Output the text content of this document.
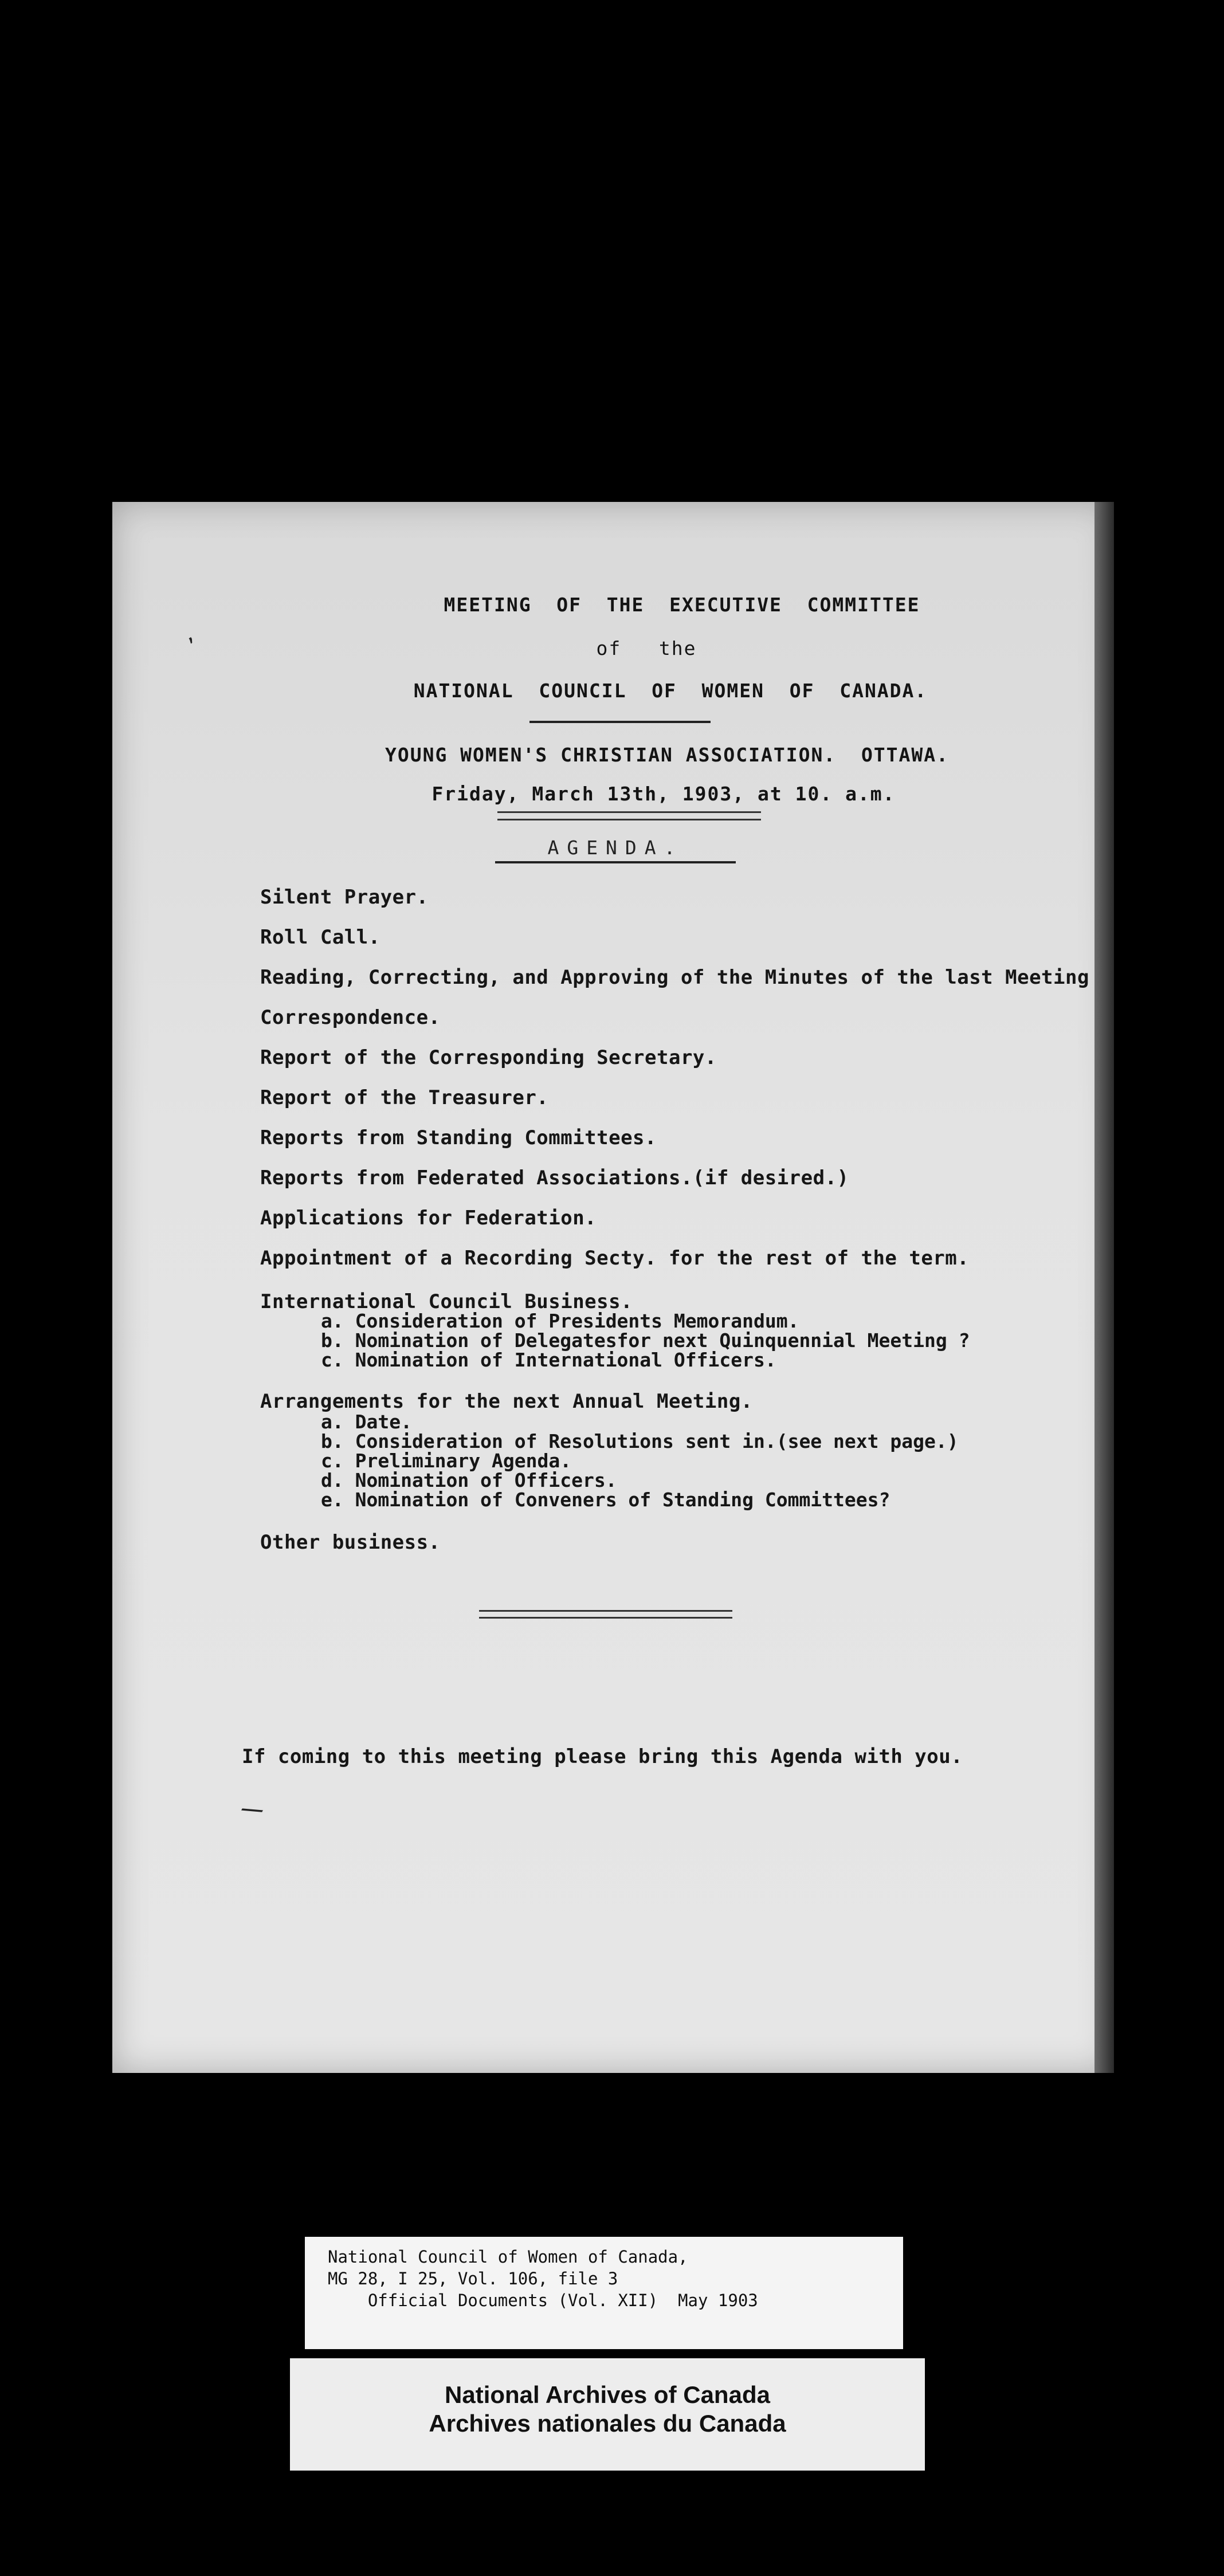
,
MEETING  OF  THE  EXECUTIVE  COMMITTEE
of   the
NATIONAL  COUNCIL  OF  WOMEN  OF  CANADA.
YOUNG WOMEN'S CHRISTIAN ASSOCIATION.  OTTAWA.
Friday, March 13th, 1903, at 10. a.m.
AGENDA.
Silent Prayer.
Roll Call.
Reading, Correcting, and Approving of the Minutes of the last Meeting
Correspondence.
Report of the Corresponding Secretary.
Report of the Treasurer.
Reports from Standing Committees.
Reports from Federated Associations.(if desired.)
Applications for Federation.
Appointment of a Recording Secty. for the rest of the term.
International Council Business.
a. Consideration of Presidents Memorandum.
b. Nomination of Delegatesfor next Quinquennial Meeting ?
c. Nomination of International Officers.
Arrangements for the next Annual Meeting.
a. Date.
b. Consideration of Resolutions sent in.(see next page.)
c. Preliminary Agenda.
d. Nomination of Officers.
e. Nomination of Conveners of Standing Committees?
Other business.
If coming to this meeting please bring this Agenda with you.
\
National Council of Women of Canada,
MG 28, I 25, Vol. 106, file 3
Official Documents (Vol. XII)  May 1903
National Archives of Canada
Archives nationales du Canada
